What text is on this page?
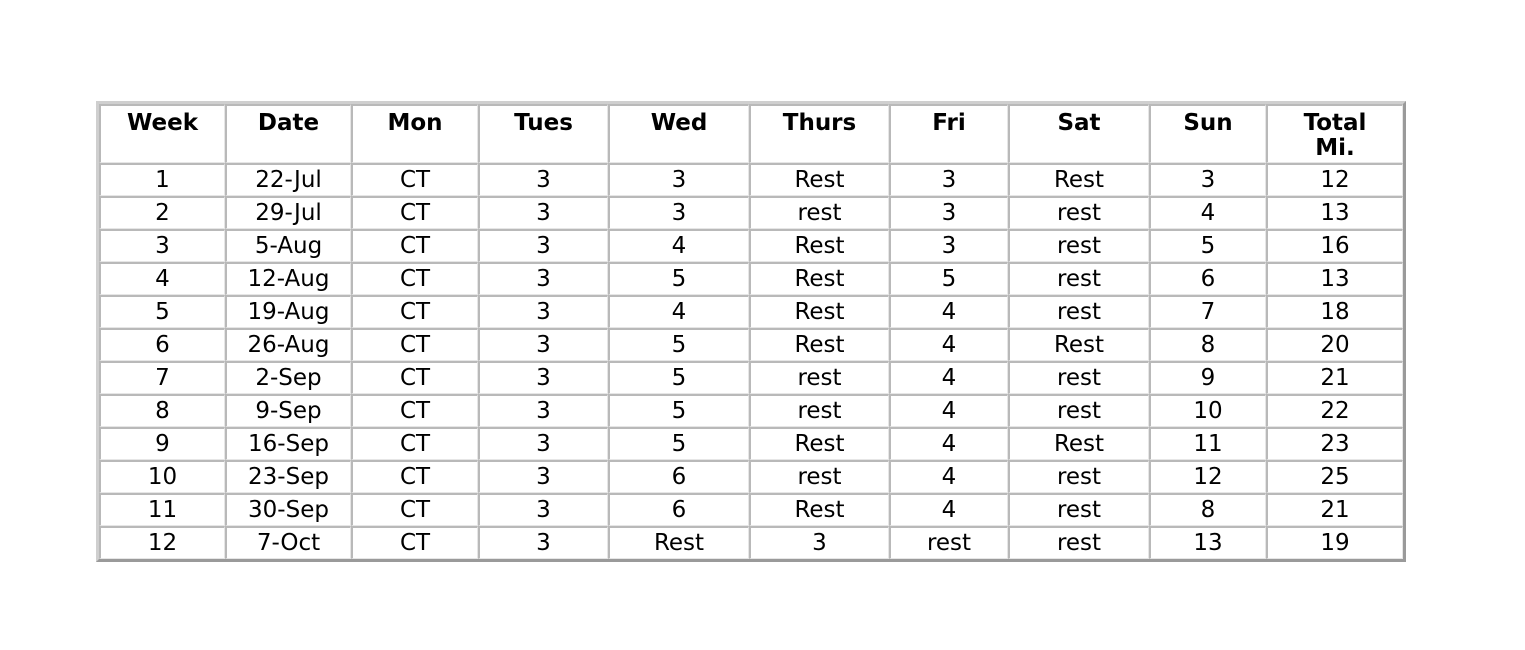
Week	Date	Mon	Tues	Wed	Thurs	Fri	Sat	Sun	Total Mi.
1	22-Jul	CT	3	3	Rest	3	Rest	3	12
2	29-Jul	CT	3	3	rest	3	rest	4	13
3	5-Aug	CT	3	4	Rest	3	rest	5	16
4	12-Aug	CT	3	5	Rest	5	rest	6	13
5	19-Aug	CT	3	4	Rest	4	rest	7	18
6	26-Aug	CT	3	5	Rest	4	Rest	8	20
7	2-Sep	CT	3	5	rest	4	rest	9	21
8	9-Sep	CT	3	5	rest	4	rest	10	22
9	16-Sep	CT	3	5	Rest	4	Rest	11	23
10	23-Sep	CT	3	6	rest	4	rest	12	25
11	30-Sep	CT	3	6	Rest	4	rest	8	21
12	7-Oct	CT	3	Rest	3	rest	rest	13	19
